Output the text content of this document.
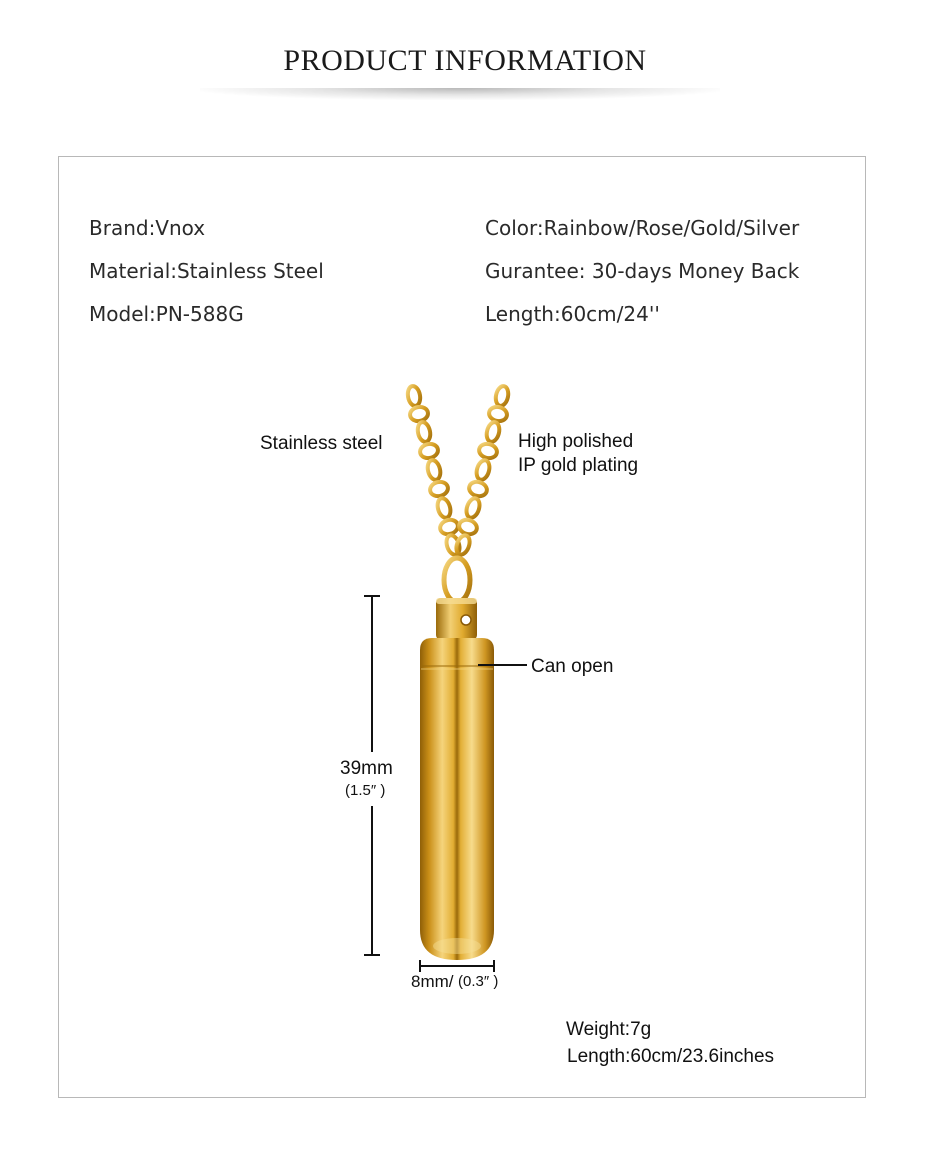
PRODUCT INFORMATION
Brand:Vnox
Material:Stainless Steel
Model:PN-588G
Color:Rainbow/Rose/Gold/Silver
Gurantee: 30-days Money Back
Length:60cm/24''
Stainless steel	High polished
IP gold plating
Can open
39mm
(1.5″ )
8mm/ (0.3″ )
Weight:7g
Length:60cm/23.6inches
